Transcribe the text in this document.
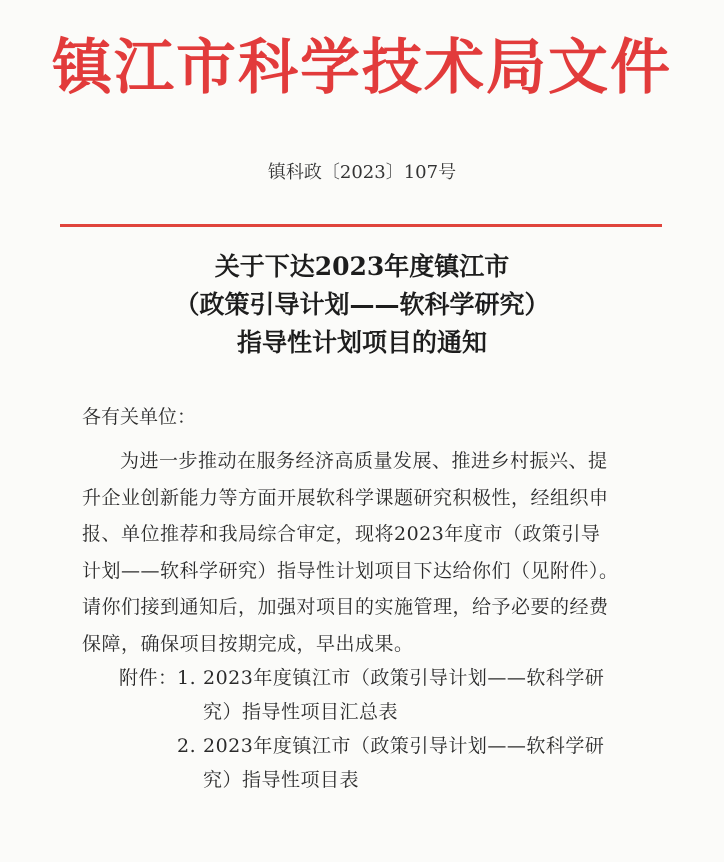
镇江市科学技术局文件
镇科政〔2023〕107号
关于下达2023年度镇江市
（政策引导计划——软科学研究）
指导性计划项目的通知
各有关单位：
为进一步推动在服务经济高质量发展、推进乡村振兴、提
升企业创新能力等方面开展软科学课题研究积极性，经组织申
报、单位推荐和我局综合审定，现将2023年度市（政策引导
计划——软科学研究）指导性计划项目下达给你们（见附件）。
请你们接到通知后，加强对项目的实施管理，给予必要的经费
保障，确保项目按期完成，早出成果。
附件： 1. 2023年度镇江市（政策引导计划——软科学研
究）指导性项目汇总表
2. 2023年度镇江市（政策引导计划——软科学研
究）指导性项目表
